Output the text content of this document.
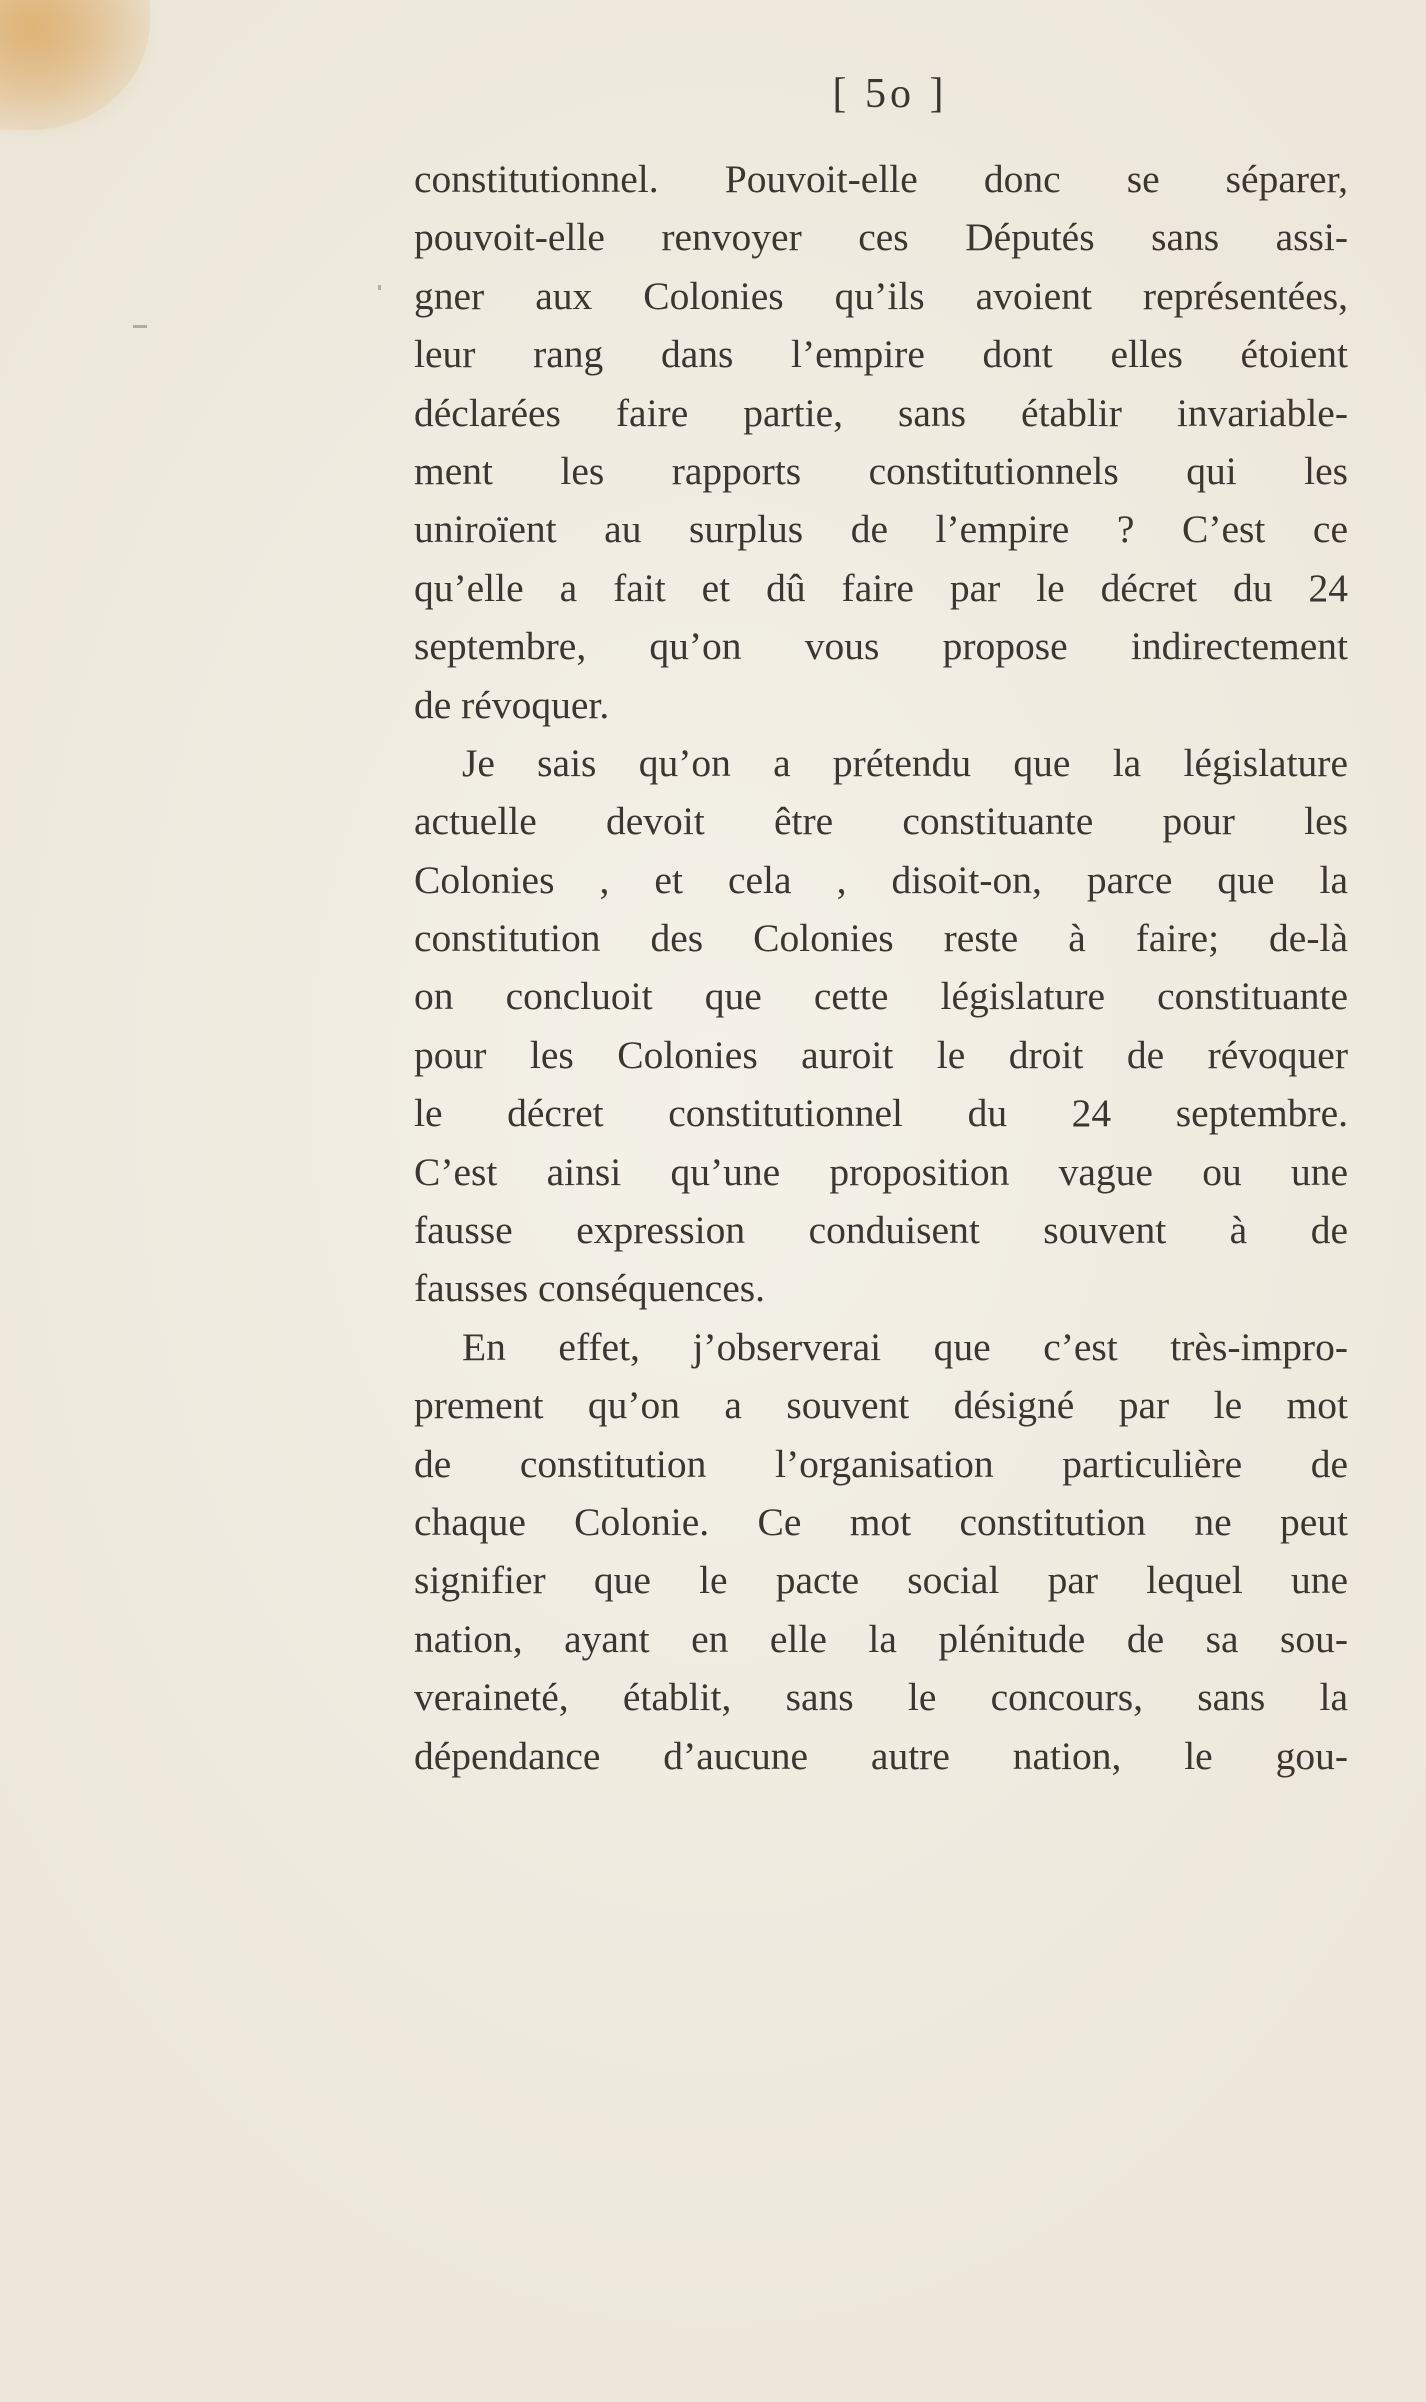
[ 5o ]
constitutionnel. Pouvoit-elle donc se séparer,
pouvoit-elle renvoyer ces Députés sans assi-
gner aux Colonies qu’ils avoient représentées,
leur rang dans l’empire dont elles étoient
déclarées faire partie, sans établir invariable-
ment les rapports constitutionnels qui les
uniroïent au surplus de l’empire ? C’est ce
qu’elle a fait et dû faire par le décret du 24
septembre, qu’on vous propose indirectement
de révoquer.
Je sais qu’on a prétendu que la législature
actuelle devoit être constituante pour les
Colonies , et cela , disoit-on, parce que la
constitution des Colonies reste à faire; de-là
on concluoit que cette législature constituante
pour les Colonies auroit le droit de révoquer
le décret constitutionnel du 24 septembre.
C’est ainsi qu’une proposition vague ou une
fausse expression conduisent souvent à de
fausses conséquences.
En effet, j’observerai que c’est très-impro-
prement qu’on a souvent désigné par le mot
de constitution l’organisation particulière de
chaque Colonie. Ce mot constitution ne peut
signifier que le pacte social par lequel une
nation, ayant en elle la plénitude de sa sou-
veraineté, établit, sans le concours, sans la
dépendance d’aucune autre nation, le gou-
